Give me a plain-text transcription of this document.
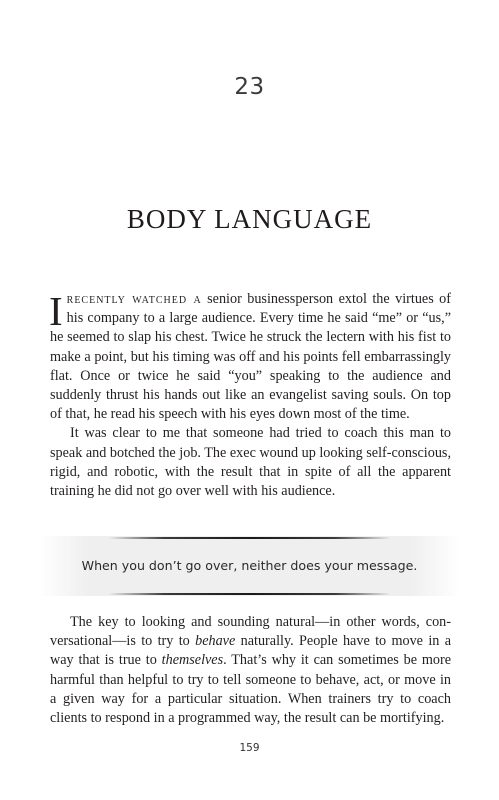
23
BODY LANGUAGE

Irecently watched a senior businessperson extol the virtues of his company to a large audience. Every time he said “me” or “us,” he seemed to slap his chest. Twice he struck the lectern with his fist to make a point, but his timing was off and his points fell embarrassingly flat. Once or twice he said “you” speaking to the audience and suddenly thrust his hands out like an evangelist saving souls. On top of that, he read his speech with his eyes down most of the time.

It was clear to me that someone had tried to coach this man to speak and botched the job. The exec wound up looking self-conscious, rigid, and robotic, with the result that in spite of all the apparent training he did not go over well with his audience.

When you don’t go over, neither does your message.

The key to looking and sounding natural—in other words, conversational—is to try to behave naturally. People have to move in a way that is true to themselves. That’s why it can sometimes be more harmful than helpful to try to tell someone to behave, act, or move in a given way for a particular situation. When trainers try to coach clients to respond in a programmed way, the result can be mortifying.

159
